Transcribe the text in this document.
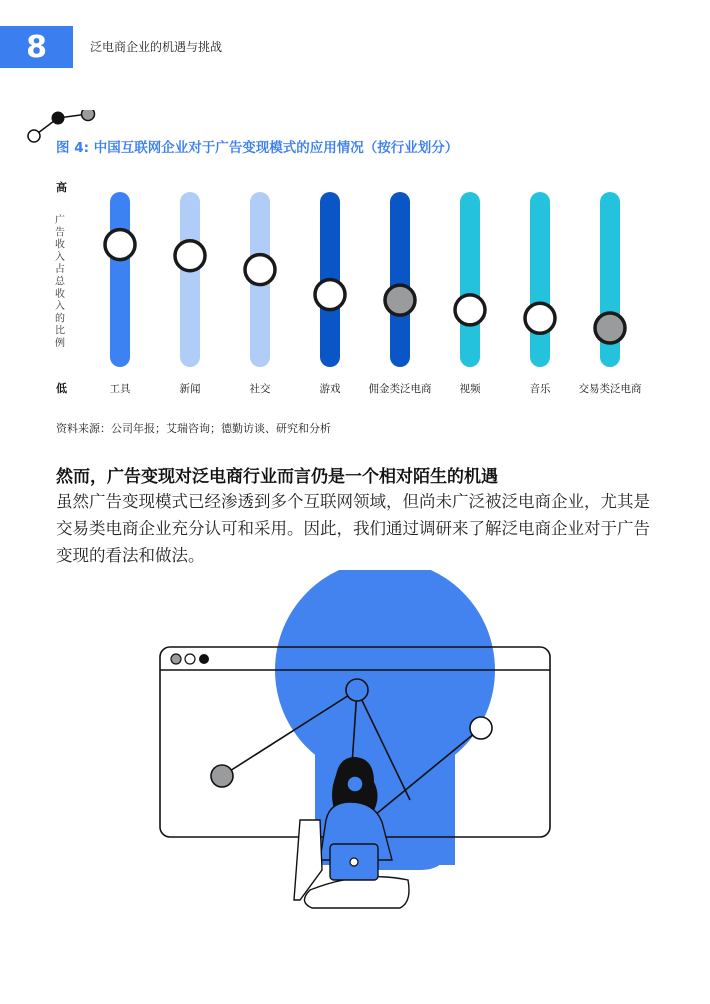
8	泛电商企业的机遇与挑战
图 4: 中国互联网企业对于广告变现模式的应用情况（按行业划分）
高
低
广
告
收
入
占
总
收
入
的
比
例
工具	新闻	社交	游戏	佣金类泛电商	视频	音乐	交易类泛电商
资料来源：公司年报；艾瑞咨询；德勤访谈、研究和分析
然而，广告变现对泛电商行业而言仍是一个相对陌生的机遇

虽然广告变现模式已经渗透到多个互联网领域，但尚未广泛被泛电商企业，尤其是交易类电商企业充分认可和采用。因此，我们通过调研来了解泛电商企业对于广告变现的看法和做法。
